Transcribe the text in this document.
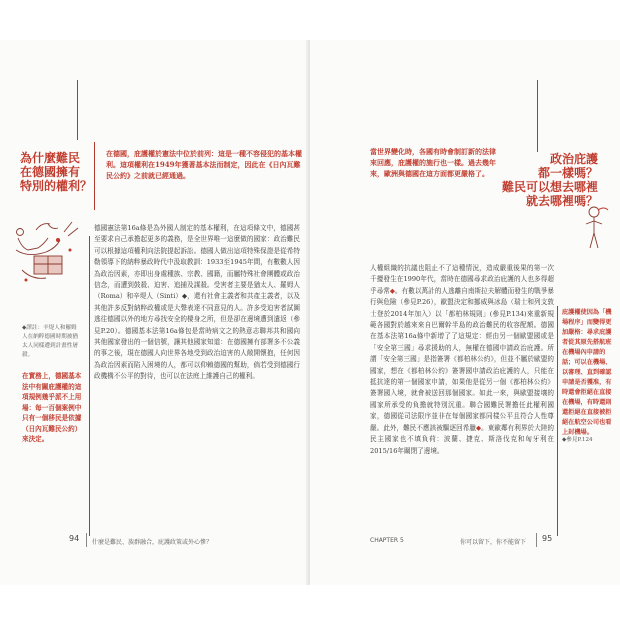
為什麼難民
在德國擁有
特別的權利？

在德國，庇護權於憲法中位於前列：這是一種不容侵犯的基本權利。這項權利在1949年獲著基本法而制定，因此在《日內瓦難民公約》之前就已經通過。

德國憲法第16a條是為外國人制定的基本權利，在這項條文中，德國甚至要求自己承擔起更多的義務，是全世界唯一這麼做的國家：政治難民可以根據這項權利向法院提起訴訟。德國人做出這項特殊保證是從希特勒領導下的納粹暴政時代中汲取教訓：1933至1945年間，有數數人因為政治因素，亦即出身處種族、宗教、國籍，而屬特殊社會團體或政治信念，而遭到鼓殺、迫害、追捕及謀殺。受害者主要是猶太人、羅姆人（Roma）和辛堤人（Sinti）◆，還有社會主義者和共產主義者，以及其他許多反對納粹政權或是大聲表達不同意見的人。許多受迫害者試圖逃往德國以外的地方尋找安全的棲身之所，但是卻在邊境遭到遣返（參見P.20）。德國基本法第16a條包是當時病文之的熱意志聯邦共和國向其他國家發出的一個信號，讓其他國家知道：在德國擁有部署多不公義的事之後，現在德國人向世界各地受到政治迫害的人敞開懷抱，任何因為政治因素而陷入困境的人，都可以仰賴德國的幫助，倘若受到德國行政機構不公平的對待，也可以在法庭上維護自己的權利。

◆譯註：辛堤人和羅姆人在納粹德國時期被猶太人同樣遭到計畫性屠殺。

在實務上，德國基本法中有關庇護權的這項規例幾乎派不上用場：每一百個案例中只有一個移民是依據（日內瓦難民公約）來決定。

94 什麼是難民、族群融合，庇護政策或外心慘？

當世界變化時，各國有時會制訂新的法律來回應，庇護權的施行也一樣。過去幾年來，歐洲與德國在這方面都更嚴格了。

政治庇護
都一樣嗎？
難民可以想去哪裡
就去哪裡嗎？

人權組織的抗議也阻止不了這種情況，造成嚴重後果的第一次千擾發生在1990年代，當時在德國尋求政治庇護的人也多得超乎尋常◆。有數以萬計的人逃離自南斯拉夫解體而發生的戰爭暴行與危險（參見P.26），歐盟決定和挪威與冰島（瑞士和列支敦士登於2014年加入）以「都柏林規則」(參見P.134)來重新規範各國對於越來來自巴爾幹半島的政治難民的收容配額。德國在基本法第16a條中新增了了這規定：經由另一個歐盟國或是「安全第三國」尋求援助的人，無權在德國申請政治庇護。所謂「安全第三國」是指簽署《都柏林公約》，但並不屬於歐盟的國家，想在《都柏林公約》簽署國申請政治庇護的人，只能在抵抗達的第一個國家申請，如果他是從另一個《都柏林公約》簽署國入境，就會被送回那個國家。如此一來，與歐盟接壤的國家所承受的負擔就特別沉重。聯合國難民署擔任此權利國家，德國從司法限序並非在每個國家都同樣公平且符合人性尊嚴。此外，難民不應該被驅逐回希臘◆。東歐鄰有利界於大陸的民主國家也不填負荷：波蘭、捷克、斯洛伐克和匈牙利在2015/16年關閉了邊境。

庇護權使因為「機場程序」而變得更加嚴格：尋求庇護者從其原先搭航班在機場內申請的話；可以在機場、以審理、直到確認申請是否獲准，有時還會拒絕在直接在機場，有時還則還拒絕在直接被拒絕在航空公司也看上封機場。

◆參見P.124

CHAPTER 5	你可以留下，你不能留下 95
